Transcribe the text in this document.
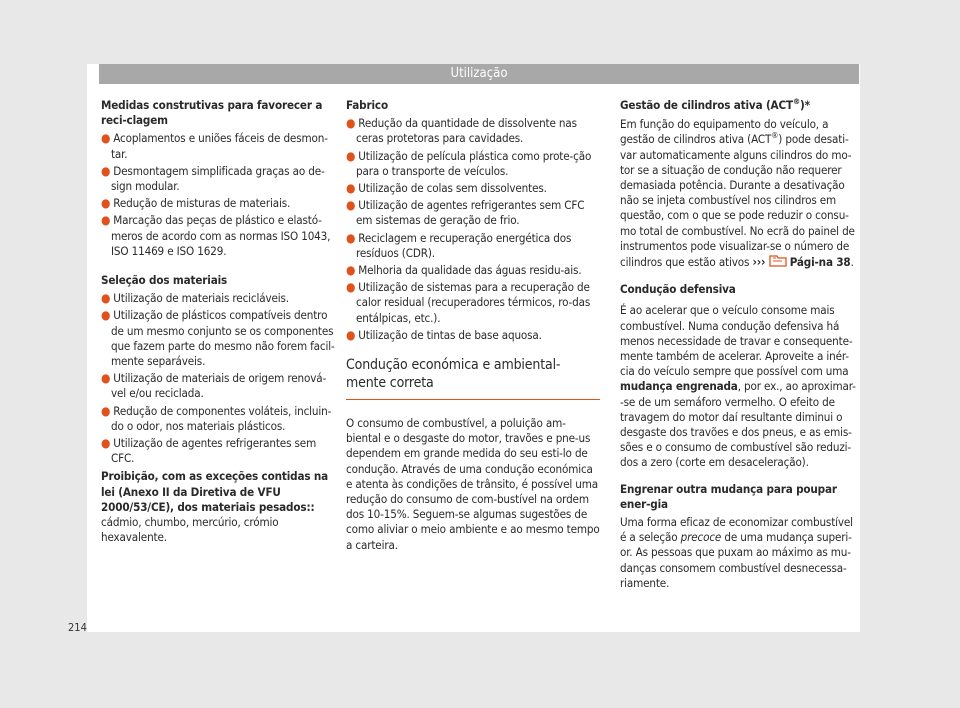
Utilização

Medidas construtivas para favorecer a reci-clagem

● Acoplamentos e uniões fáceis de desmon-tar.

● Desmontagem simplificada graças ao de-sign modular.

● Redução de misturas de materiais.

● Marcação das peças de plástico e elastó-meros de acordo com as normas ISO 1043, ISO 11469 e ISO 1629.

Seleção dos materiais

● Utilização de materiais recicláveis.

● Utilização de plásticos compatíveis dentro de um mesmo conjunto se os componentes que fazem parte do mesmo não forem facil-mente separáveis.

● Utilização de materiais de origem renová-vel e/ou reciclada.

● Redução de componentes voláteis, incluin-do o odor, nos materiais plásticos.

● Utilização de agentes refrigerantes sem CFC.

Proibição, com as exceções contidas na lei (Anexo II da Diretiva de VFU 2000/53/CE), dos materiais pesados:: cádmio, chumbo, mercúrio, crómio hexavalente.

Fabrico

● Redução da quantidade de dissolvente nas ceras protetoras para cavidades.

● Utilização de película plástica como prote-ção para o transporte de veículos.

● Utilização de colas sem dissolventes.

● Utilização de agentes refrigerantes sem CFC em sistemas de geração de frio.

● Reciclagem e recuperação energética dos resíduos (CDR).

● Melhoria da qualidade das águas residu-ais.

● Utilização de sistemas para a recuperação de calor residual (recuperadores térmicos, ro-das entálpicas, etc.).

● Utilização de tintas de base aquosa.

Condução económica e ambiental-mente correta

O consumo de combustível, a poluição am-biental e o desgaste do motor, travões e pne-us dependem em grande medida do seu esti-lo de condução. Através de uma condução económica e atenta às condições de trânsito, é possível uma redução do consumo de com-bustível na ordem dos 10-15%. Seguem-se algumas sugestões de como aliviar o meio ambiente e ao mesmo tempo a carteira.

Gestão de cilindros ativa (ACT®)*

Em função do equipamento do veículo, a gestão de cilindros ativa (ACT®) pode desati-var automaticamente alguns cilindros do mo-tor se a situação de condução não requerer demasiada potência. Durante a desativação não se injeta combustível nos cilindros em questão, com o que se pode reduzir o consu-mo total de combustível. No ecrã do painel de instrumentos pode visualizar-se o número de cilindros que estão ativos ››› Pági-na 38.

Condução defensiva

É ao acelerar que o veículo consome mais combustível. Numa condução defensiva há menos necessidade de travar e consequente-mente também de acelerar. Aproveite a inér-cia do veículo sempre que possível com uma mudança engrenada, por ex., ao aproximar--se de um semáforo vermelho. O efeito de travagem do motor daí resultante diminui o desgaste dos travões e dos pneus, e as emis-sões e o consumo de combustível são reduzi-dos a zero (corte em desaceleração).

Engrenar outra mudança para poupar ener-gia

Uma forma eficaz de economizar combustível é a seleção precoce de uma mudança superi-or. As pessoas que puxam ao máximo as mu-danças consomem combustível desnecessa-riamente.

214
